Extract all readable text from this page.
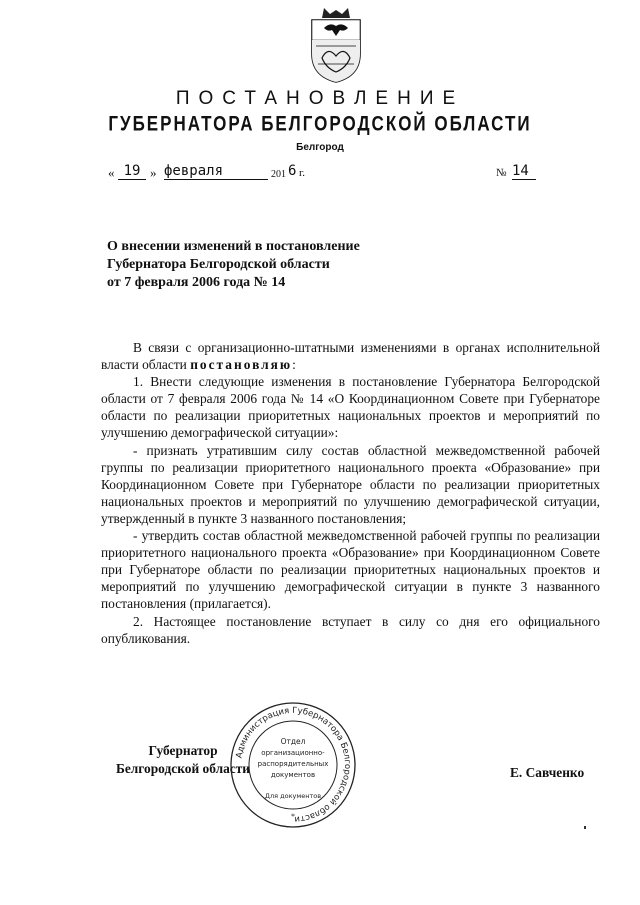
ПОСТАНОВЛЕНИЕ
ГУБЕРНАТОРА БЕЛГОРОДСКОЙ ОБЛАСТИ
Белгород
« 19 » февраля	201 6 г.	№ 14
О внесении изменений в постановление
Губернатора Белгородской области
от 7 февраля 2006 года № 14

В связи с организационно-штатными изменениями в органах исполнительной власти области постановляю:

1. Внести следующие изменения в постановление Губернатора Белгородской области от 7 февраля 2006 года № 14 «О Координационном Совете при Губернаторе области по реализации приоритетных национальных проектов и мероприятий по улучшению демографической ситуации»:

- признать утратившим силу состав областной межведомственной рабочей группы по реализации приоритетного национального проекта «Образование» при Координационном Совете при Губернаторе области по реализации приоритетных национальных проектов и мероприятий по улучшению демографической ситуации, утвержденный в пункте 3 названного постановления;

- утвердить состав областной межведомственной рабочей группы по реализации приоритетного национального проекта «Образование» при Координационном Совете при Губернаторе области по реализации приоритетных национальных проектов и мероприятий по улучшению демографической ситуации в пункте 3 названного постановления (прилагается).

2. Настоящее постановление вступает в силу со дня его официального опубликования.

Губернатор
Белгородской области	Е. Савченко
Администрация Губернатора Белгородской области
Отдел
организационно-
распорядительных
документов
Для документов
*
